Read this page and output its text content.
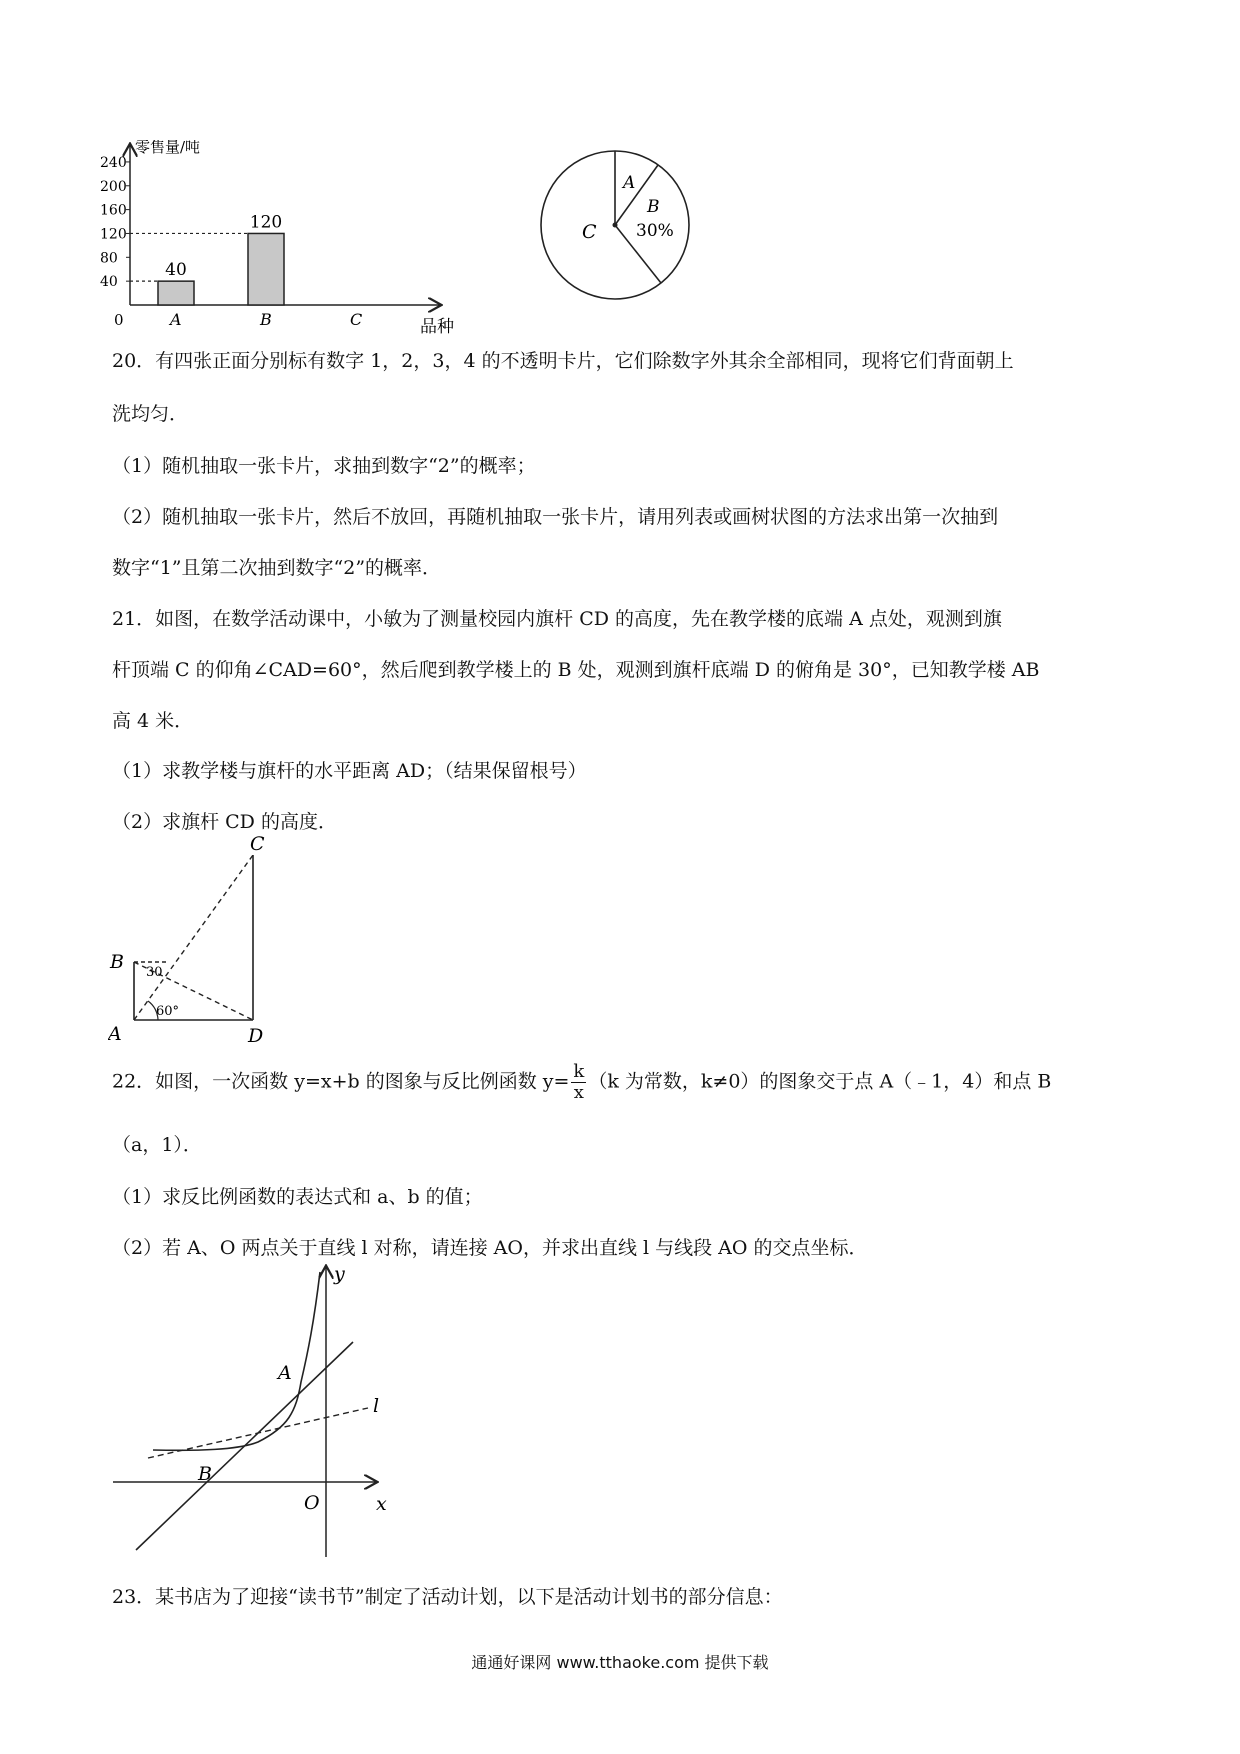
零售量/吨
品种
0
240
200
160
120
80
40
40
120
A	B	C
A
B
30%
C
20．有四张正面分别标有数字 1，2，3，4 的不透明卡片，它们除数字外其余全部相同，现将它们背面朝上
洗均匀．
（1）随机抽取一张卡片，求抽到数字“2”的概率；
（2）随机抽取一张卡片，然后不放回，再随机抽取一张卡片，请用列表或画树状图的方法求出第一次抽到
数字“1”且第二次抽到数字“2”的概率．
21．如图，在数学活动课中，小敏为了测量校园内旗杆 CD 的高度，先在教学楼的底端 A 点处，观测到旗
杆顶端 C 的仰角∠CAD=60°，然后爬到教学楼上的 B 处，观测到旗杆底端 D 的俯角是 30°，已知教学楼 AB
高 4 米．
（1）求教学楼与旗杆的水平距离 AD；（结果保留根号）
（2）求旗杆 CD 的高度．
C
B
A	D
30
60°
22．如图，一次函数 y=x+b 的图象与反比例函数 $y= \frac{k}{x} (k$ 为常数，k≠0）的图象交于点 A（﹣1，4）和点 B
（a，1）．
（1）求反比例函数的表达式和 a、b 的值；
（2）若 A、O 两点关于直线 l 对称，请连接 AO，并求出直线 l 与线段 AO 的交点坐标．
y
x
O
A
B
l
23．某书店为了迎接“读书节”制定了活动计划，以下是活动计划书的部分信息：
通通好课网 www.tthaoke.com 提供下载
